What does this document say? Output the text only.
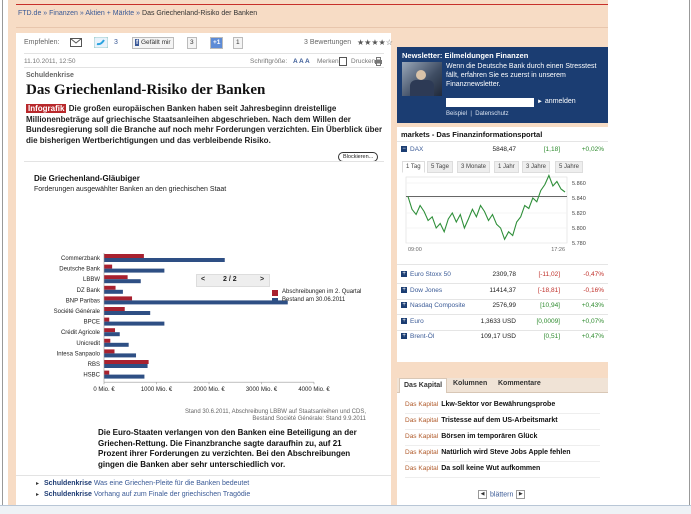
FTD.de » Finanzen » Aktien + Märkte » Das Griechenland-Risiko der Banken
Empfehlen:	3	f Gefällt mir	3	+1	1	3 Bewertungen ★★★★☆
11.10.2011, 12:50	Schriftgröße: A A A Merken Drucken
Schuldenkrise
Das Griechenland-Risiko der Banken
Infografik Die großen europäischen Banken haben seit Jahresbeginn dreistellige Millionenbeträge auf griechische Staatsanleihen abgeschrieben. Nach dem Willen der Bundesregierung soll die Branche auf noch mehr Forderungen verzichten. Ein Überblick über die bisherigen Wertberichtigungen und das verbleibende Risiko.
Blockieren...
Die Griechenland-Gläubiger
Forderungen ausgewählter Banken an den griechischen Staat
Commerzbank
Deutsche Bank
LBBW
DZ Bank
BNP Paribas
Société Générale
BPCE
Crédit Agricole
Unicredit
Intesa Sanpaolo
RBS
HSBC
0 Mio. €	1000 Mio. €	2000 Mio. €	3000 Mio. €	4000 Mio. €
<	2 / 2	>
Abschreibungen im 2. Quartal
Bestand am 30.06.2011
Stand 30.6.2011, Abschreibung LBBW auf Staatsanleihen und CDS, Bestand Société Générale: Stand 9.9.2011
Die Euro-Staaten verlangen von den Banken eine Beteiligung an der Griechen-Rettung. Die Finanzbranche sagte daraufhin zu, auf 21 Prozent ihrer Forderungen zu verzichten. Bei den Abschreibungen gingen die Banken aber sehr unterschiedlich vor.
▸ Schuldenkrise Was eine Griechen-Pleite für die Banken bedeutet
▸ Schuldenkrise Vorhang auf zum Finale der griechischen Tragödie
Newsletter: Eilmeldungen Finanzen
Wenn die Deutsche Bank durch einen Stresstest fällt, erfahren Sie es zuerst in unserem Finanznewsletter.
► anmelden
Beispiel  |  Datenschutz
markets - Das Finanzinformationsportal
− DAX	5848,47	[1,18]	+0,02%
1 Tag	5 Tage	3 Monate	1 Jahr	3 Jahre	5 Jahre
5.860
5.840
5.820
5.800
5.780
09:00	17:26
+ Euro Stoxx 50	2309,78	[-11,02]	-0,47%
+ Dow Jones	11414,37	[-18,81]	-0,16%
+ Nasdaq Composite	2576,99	[10,94]	+0,43%
+ Euro	1,3633 USD	[0,0009]	+0,07%
+ Brent-Öl	109,17 USD	[0,51]	+0,47%
Das Kapital	Kolumnen Kommentare
Das Kapital Lkw-Sektor vor Bewährungsprobe
Das Kapital Tristesse auf dem US-Arbeitsmarkt
Das Kapital Börsen im temporären Glück
Das Kapital Natürlich wird Steve Jobs Apple fehlen
Das Kapital Da soll keine Wut aufkommen
◀ blättern ▶
